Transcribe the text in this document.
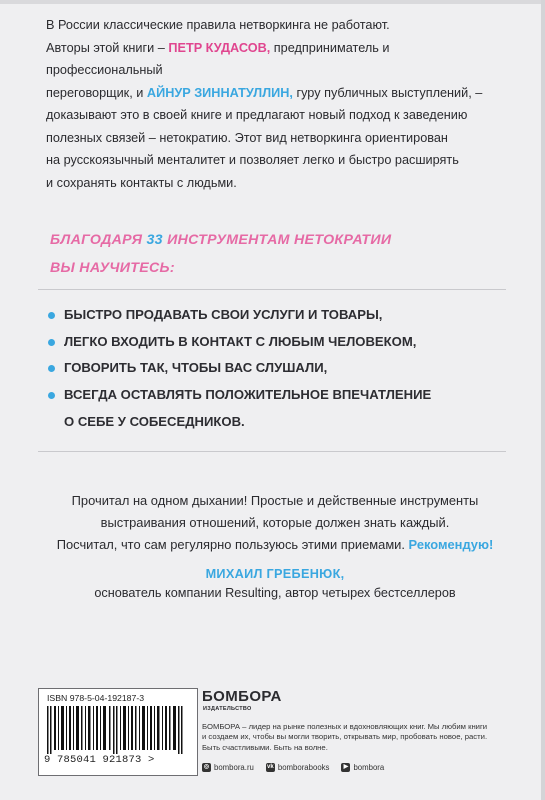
В России классические правила нетворкинга не работают.
Авторы этой книги – ПЕТР КУДАСОВ, предприниматель и профессиональный
переговорщик, и АЙНУР ЗИННАТУЛЛИН, гуру публичных выступлений, –
доказывают это в своей книге и предлагают новый подход к заведению
полезных связей – нетократию. Этот вид нетворкинга ориентирован
на русскоязычный менталитет и позволяет легко и быстро расширять
и сохранять контакты с людьми.

БЛАГОДАРЯ 33 ИНСТРУМЕНТАМ НЕТОКРАТИИ
ВЫ НАУЧИТЕСЬ:

БЫСТРО ПРОДАВАТЬ СВОИ УСЛУГИ И ТОВАРЫ,
ЛЕГКО ВХОДИТЬ В КОНТАКТ С ЛЮБЫМ ЧЕЛОВЕКОМ,
ГОВОРИТЬ ТАК, ЧТОБЫ ВАС СЛУШАЛИ,
ВСЕГДА ОСТАВЛЯТЬ ПОЛОЖИТЕЛЬНОЕ ВПЕЧАТЛЕНИЕ
О СЕБЕ У СОБЕСЕДНИКОВ.

Прочитал на одном дыхании! Простые и действенные инструменты
выстраивания отношений, которые должен знать каждый.
Посчитал, что сам регулярно пользуюсь этими приемами. Рекомендую!

МИХАИЛ ГРЕБЕНЮК,
основатель компании Resulting, автор четырех бестселлеров

ISBN 978-5-04-192187-3
9 785041 921873 >
БОМБОРА
ИЗДАТЕЛЬСТВО

БОМБОРА – лидер на рынке полезных и вдохновляющих книг. Мы любим книги и создаем их, чтобы вы могли творить, открывать мир, пробовать новое, расти. Быть счастливыми. Быть на волне.

◎ bombora.ru vk bomborabooks	▶ bombora
